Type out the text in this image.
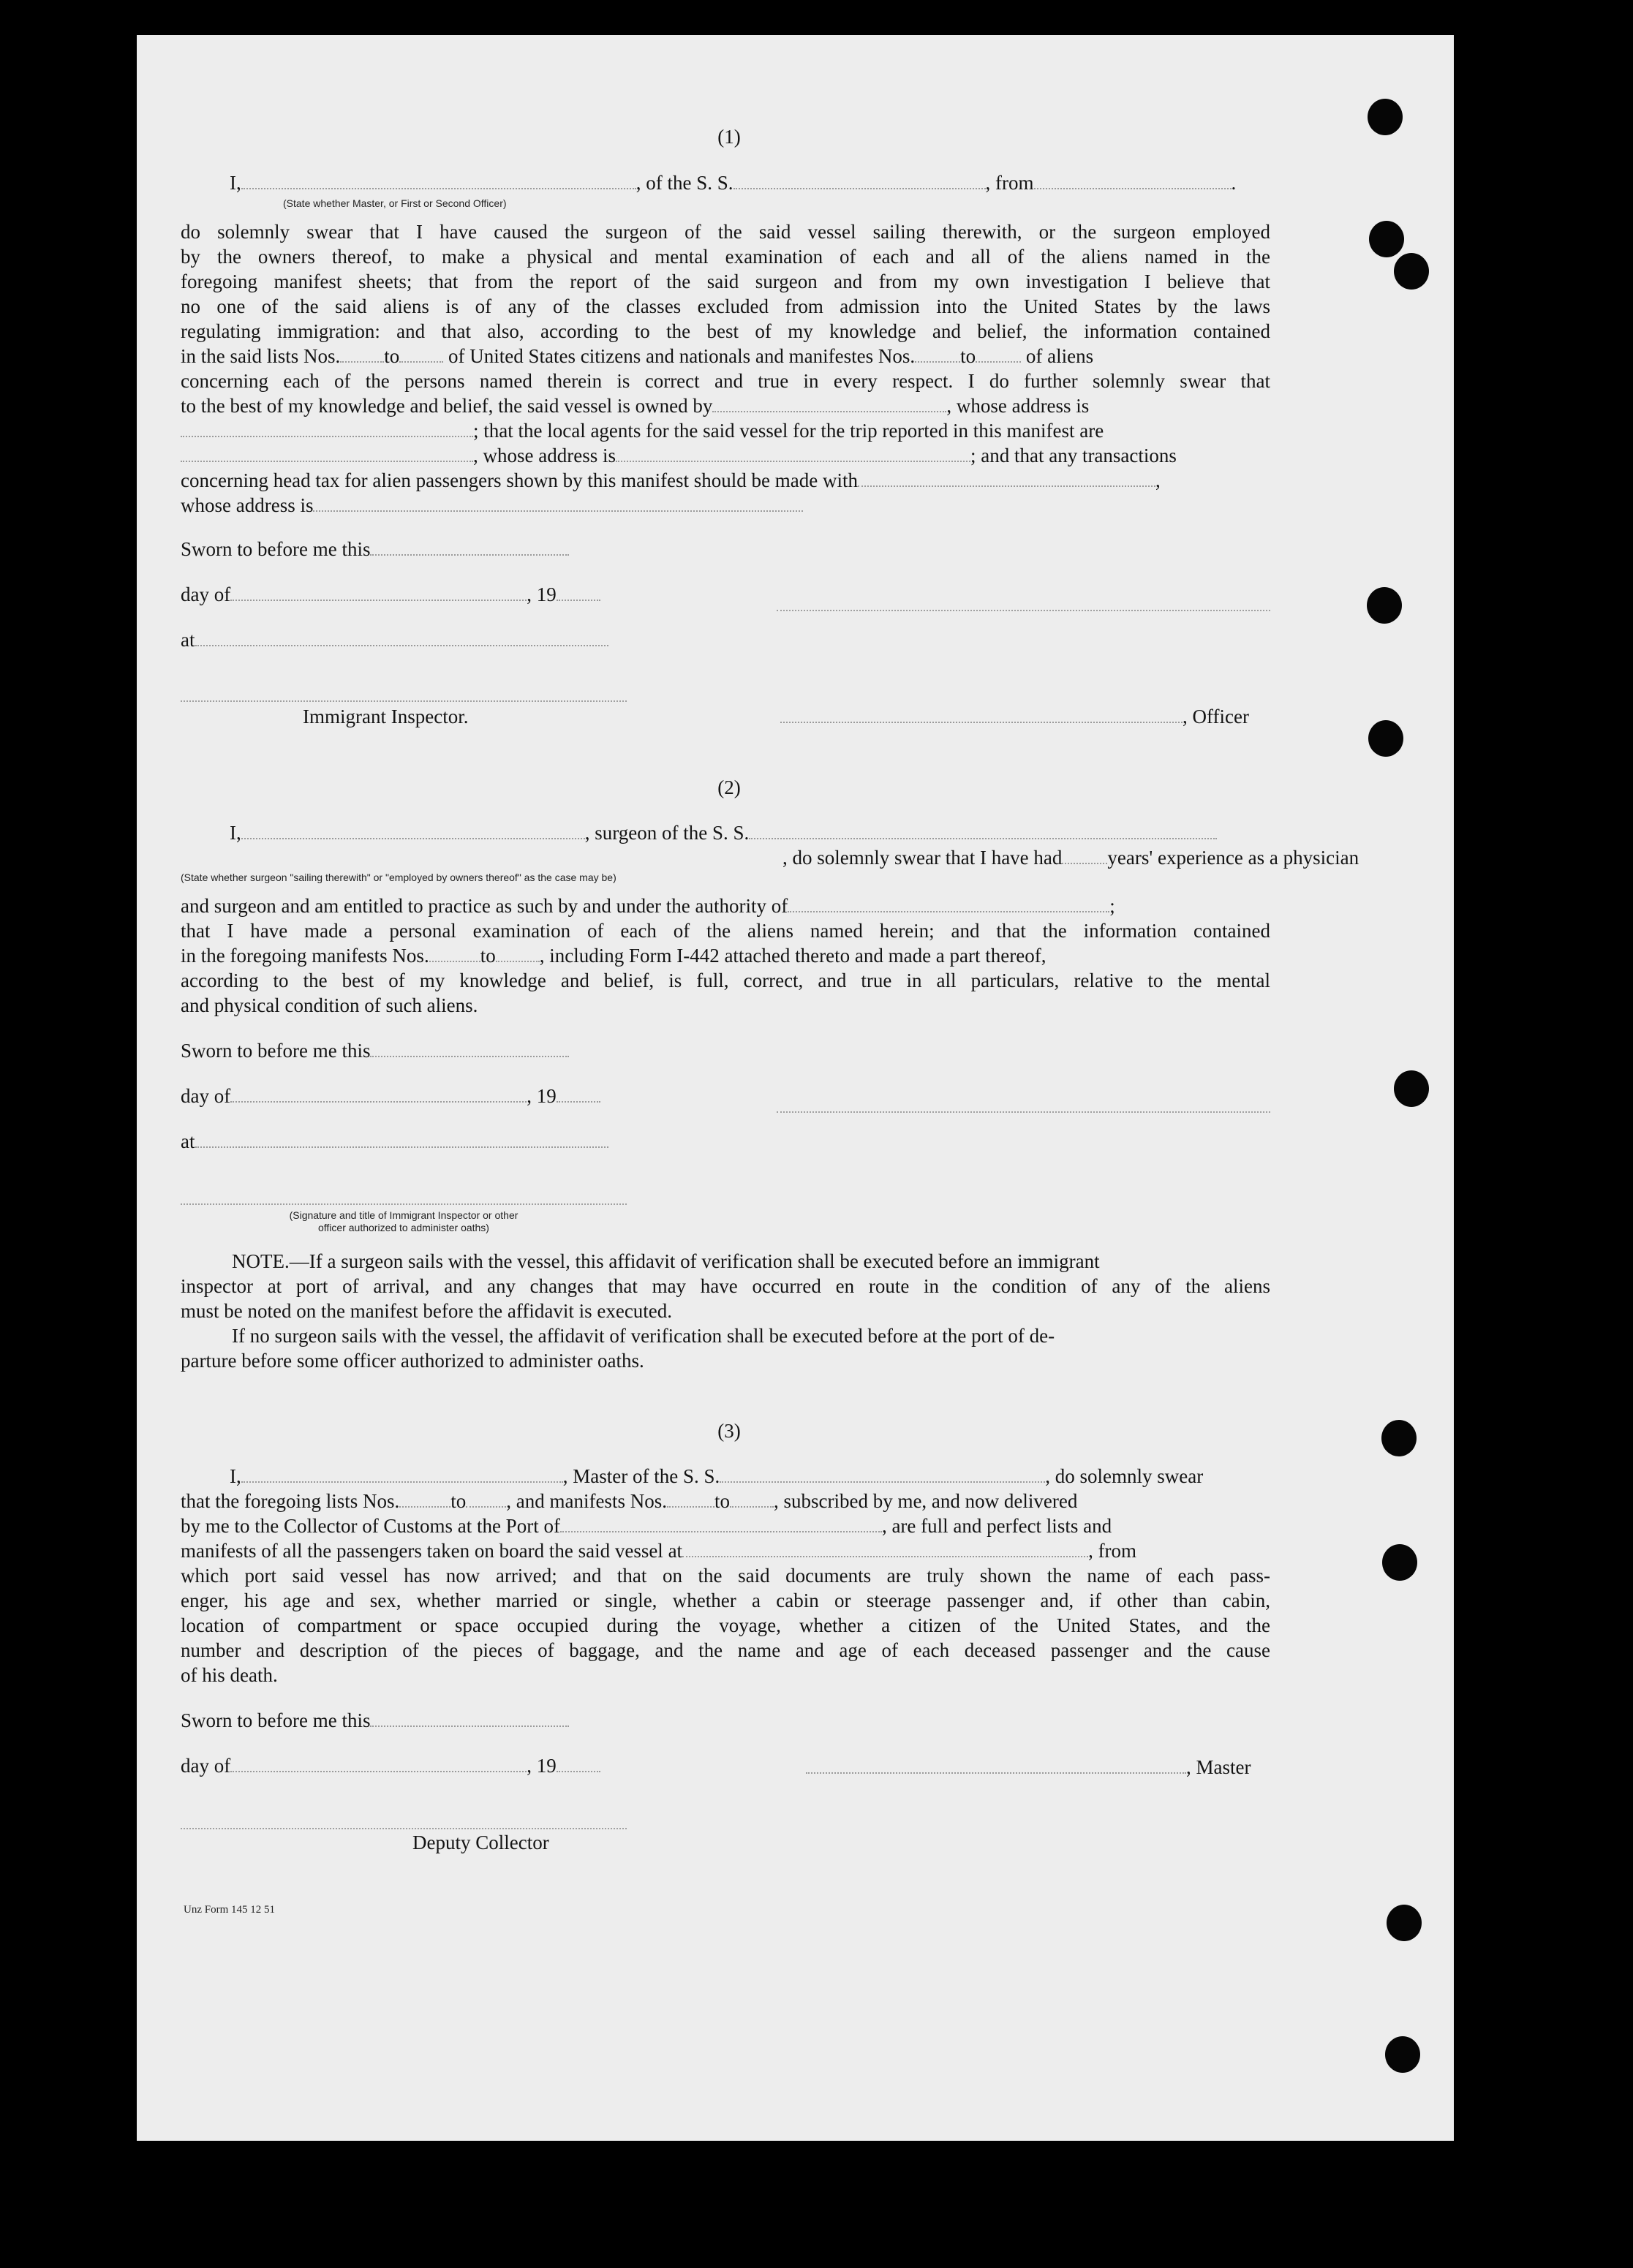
(1)
I,	, of the S. S.	, from	.
(State whether Master, or First or Second Officer)
do solemnly swear that I have caused the surgeon of the said vessel sailing therewith, or the surgeon employed
by the owners thereof, to make a physical and mental examination of each and all of the aliens named in the
foregoing manifest sheets; that from the report of the said surgeon and from my own investigation I believe that
no one of the said aliens is of any of the classes excluded from admission into the United States by the laws
regulating immigration: and that also, according to the best of my knowledge and belief, the information contained
in the said lists Nos. to of United States citizens and nationals and manifestes Nos. to	of aliens
concerning each of the persons named therein is correct and true in every respect. I do further solemnly swear that
to the best of my knowledge and belief, the said vessel is owned by	, whose address is
; that the local agents for the said vessel for the trip reported in this manifest are
, whose address is	; and that any transactions
concerning head tax for alien passengers shown by this manifest should be made with	,
whose address is
Sworn to before me this
day of	, 19
at
Immigrant Inspector.	, Officer
(2)
I,	, surgeon of the S. S.
, do solemnly swear that I have had years' experience as a physician
(State whether surgeon "sailing therewith" or "employed by owners thereof" as the case may be)
and surgeon and am entitled to practice as such by and under the authority of	;
that I have made a personal examination of each of the aliens named herein; and that the information contained
in the foregoing manifests Nos.	to , including Form I-442 attached thereto and made a part thereof,
according to the best of my knowledge and belief, is full, correct, and true in all particulars, relative to the mental
and physical condition of such aliens.
Sworn to before me this
day of	, 19
at
(Signature and title of Immigrant Inspector or other
officer authorized to administer oaths)
NOTE.—If a surgeon sails with the vessel, this affidavit of verification shall be executed before an immigrant
inspector at port of arrival, and any changes that may have occurred en route in the condition of any of the aliens
must be noted on the manifest before the affidavit is executed.
If no surgeon sails with the vessel, the affidavit of verification shall be executed before at the port of de-
parture before some officer authorized to administer oaths.
(3)
I,	, Master of the S. S.	, do solemnly swear
that the foregoing lists Nos.	to , and manifests Nos. to , subscribed by me, and now delivered
by me to the Collector of Customs at the Port of	, are full and perfect lists and
manifests of all the passengers taken on board the said vessel at	, from
which port said vessel has now arrived; and that on the said documents are truly shown the name of each pass-
enger, his age and sex, whether married or single, whether a cabin or steerage passenger and, if other than cabin,
location of compartment or space occupied during the voyage, whether a citizen of the United States, and the
number and description of the pieces of baggage, and the name and age of each deceased passenger and the cause
of his death.
Sworn to before me this
day of	, 19	, Master
Deputy Collector
Unz Form 145 12 51
